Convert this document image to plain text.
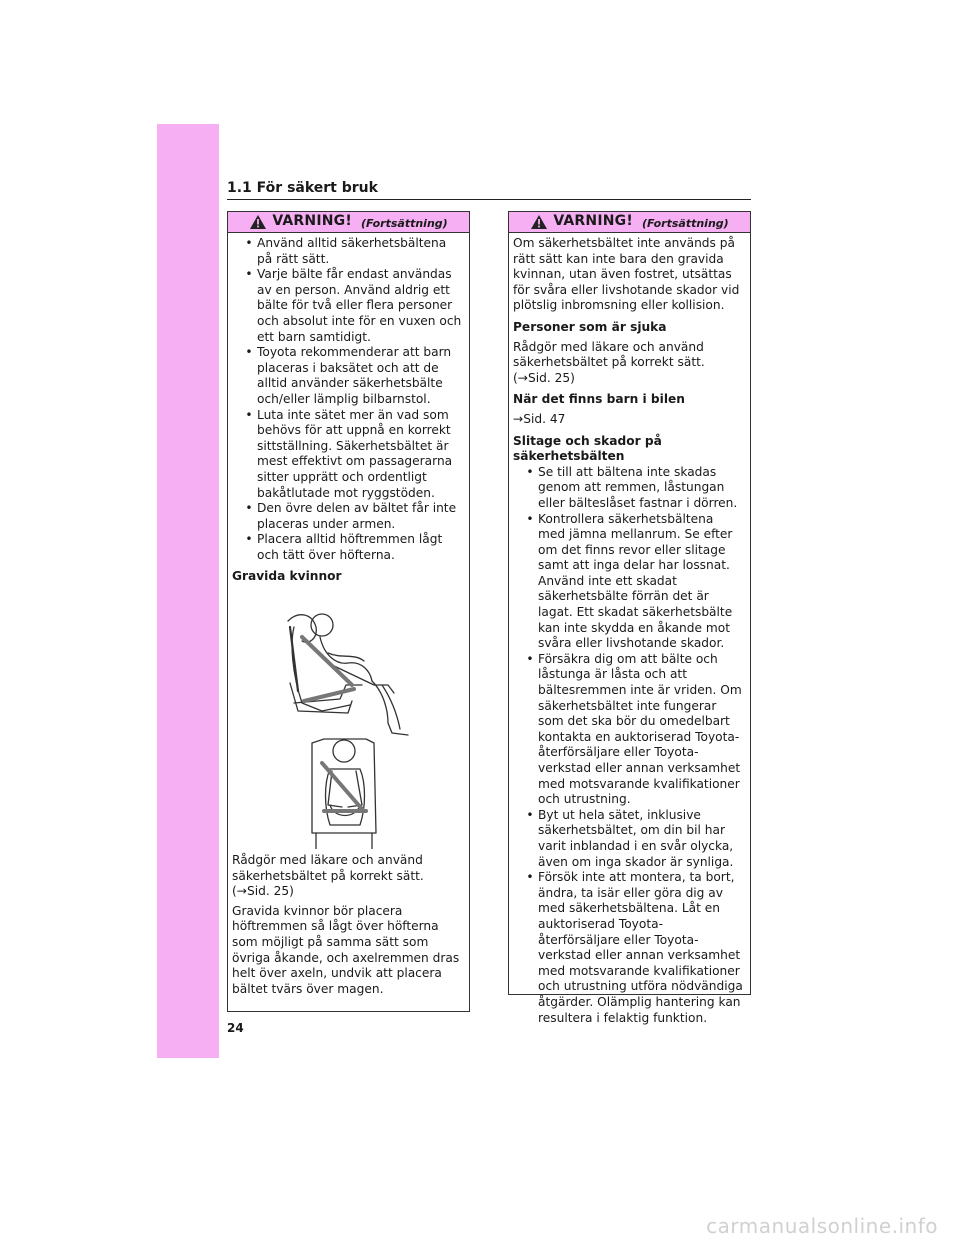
1.1 För säkert bruk
VARNING! (Fortsättning)
• Använd alltid säkerhetsbältena på rätt sätt.
• Varje bälte får endast användas av en person. Använd aldrig ett bälte för två eller flera personer och absolut inte för en vuxen och ett barn samtidigt.
• Toyota rekommenderar att barn placeras i baksätet och att de alltid använder säkerhetsbälte och/eller lämplig bilbarnstol.
• Luta inte sätet mer än vad som behövs för att uppnå en korrekt sittställning. Säkerhetsbältet är mest effektivt om passagerarna sitter upprätt och ordentligt bakåtlutade mot ryggstöden.
• Den övre delen av bältet får inte placeras under armen.
• Placera alltid höftremmen lågt och tätt över höfterna.
Gravida kvinnor
Rådgör med läkare och använd säkerhetsbältet på korrekt sätt. (→Sid. 25)
Gravida kvinnor bör placera höftremmen så lågt över höfterna som möjligt på samma sätt som övriga åkande, och axelremmen dras helt över axeln, undvik att placera bältet tvärs över magen.
VARNING! (Fortsättning)
Om säkerhetsbältet inte används på rätt sätt kan inte bara den gravida kvinnan, utan även fostret, utsättas för svåra eller livshotande skador vid plötslig inbromsning eller kollision.
Personer som är sjuka
Rådgör med läkare och använd säkerhetsbältet på korrekt sätt. (→Sid. 25)
När det finns barn i bilen
→Sid. 47
Slitage och skador på säkerhetsbälten
• Se till att bältena inte skadas genom att remmen, låstungan eller bälteslåset fastnar i dörren.
• Kontrollera säkerhetsbältena med jämna mellanrum. Se efter om det finns revor eller slitage samt att inga delar har lossnat. Använd inte ett skadat säkerhetsbälte förrän det är lagat. Ett skadat säkerhetsbälte kan inte skydda en åkande mot svåra eller livshotande skador.
• Försäkra dig om att bälte och låstunga är låsta och att bältesremmen inte är vriden. Om säkerhetsbältet inte fungerar som det ska bör du omedelbart kontakta en auktoriserad Toyota-återförsäljare eller Toyota-verkstad eller annan verksamhet med motsvarande kvalifikationer och utrustning.
• Byt ut hela sätet, inklusive säkerhetsbältet, om din bil har varit inblandad i en svår olycka, även om inga skador är synliga.
• Försök inte att montera, ta bort, ändra, ta isär eller göra dig av med säkerhetsbältena. Låt en auktoriserad Toyota-återförsäljare eller Toyota-verkstad eller annan verksamhet med motsvarande kvalifikationer och utrustning utföra nödvändiga åtgärder. Olämplig hantering kan resultera i felaktig funktion.
24
carmanualsonline.info
